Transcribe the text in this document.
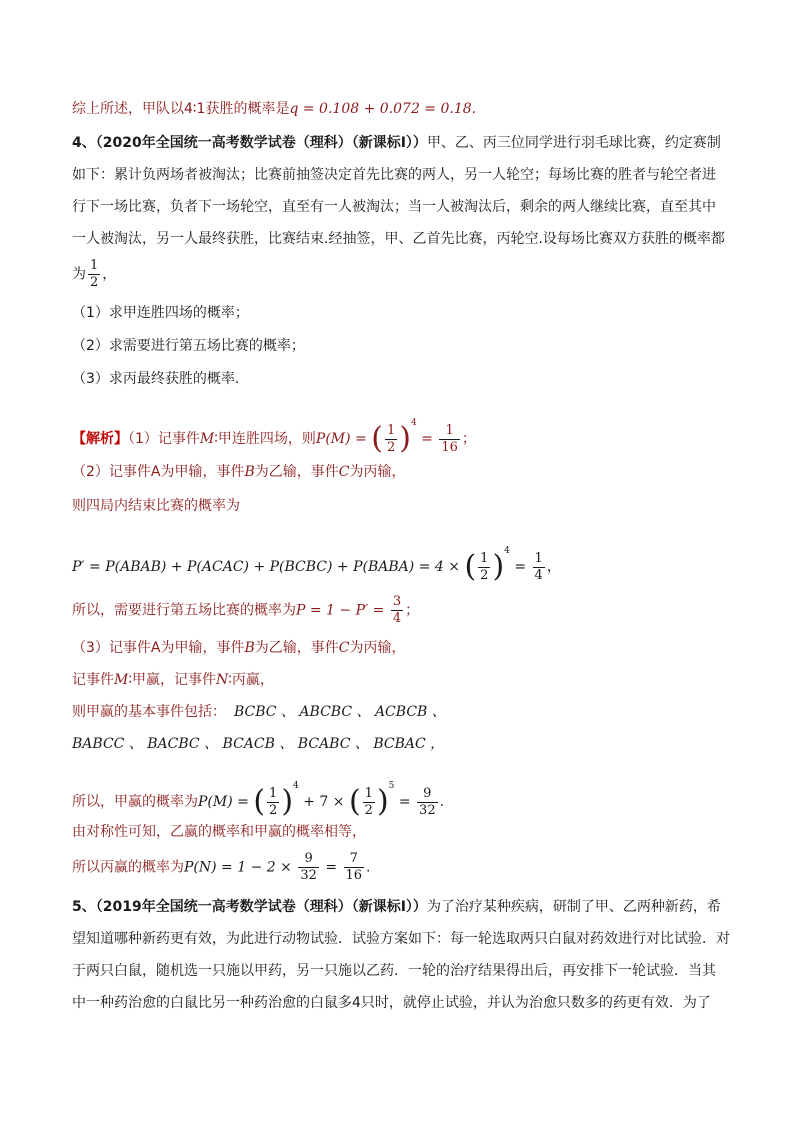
综上所述，甲队以4∶1获胜的概率是q = 0.108 + 0.072 = 0.18.
4、（2020年全国统一高考数学试卷（理科）（新课标Ⅰ））甲、乙、丙三位同学进行羽毛球比赛，约定赛制
如下：累计负两场者被淘汰；比赛前抽签决定首先比赛的两人，另一人轮空；每场比赛的胜者与轮空者进
行下一场比赛，负者下一场轮空，直至有一人被淘汰；当一人被淘汰后，剩余的两人继续比赛，直至其中
一人被淘汰，另一人最终获胜，比赛结束.经抽签，甲、乙首先比赛，丙轮空.设每场比赛双方获胜的概率都
为 $\frac{1}{2}$ ，
（1）求甲连胜四场的概率；
（2）求需要进行第五场比赛的概率；
（3）求丙最终获胜的概率.
【解析】（1）记事件M∶甲连胜四场，则P(M) = ( $\frac{1}{2} )^4 = \frac{1}{16}$ ；
（2）记事件A为甲输，事件B为乙输，事件C为丙输，
则四局内结束比赛的概率为
P′ = P(ABAB) + P(ACAC) + P(BCBC) + P(BABA) = 4 × ( $\frac{1}{2} )^4 = \frac{1}{4}$ ，
所以，需要进行第五场比赛的概率为$P = 1 - P' = \frac{3}{4}$ ；
（3）记事件A为甲输，事件B为乙输，事件C为丙输，
记事件M∶甲赢，记事件N∶丙赢，
则甲赢的基本事件包括： BCBC 、 ABCBC 、 ACBCB 、
BABCC 、 BACBC 、 BCACB 、 BCABC 、 BCBAC ，
所以，甲赢的概率为P(M) = ( $\frac{1}{2} )^4 + 7$ × ( $\frac{1}{2} )^5 = \frac{9}{32}$ .
由对称性可知，乙赢的概率和甲赢的概率相等，
所以丙赢的概率为$P(N) = 1 - 2 \times \frac{9}{32} = \frac{7}{16}$ .
5、（2019年全国统一高考数学试卷（理科）（新课标Ⅰ））为了治疗某种疾病，研制了甲、乙两种新药，希
望知道哪种新药更有效，为此进行动物试验．试验方案如下：每一轮选取两只白鼠对药效进行对比试验．对
于两只白鼠，随机选一只施以甲药，另一只施以乙药．一轮的治疗结果得出后，再安排下一轮试验．当其
中一种药治愈的白鼠比另一种药治愈的白鼠多4只时，就停止试验，并认为治愈只数多的药更有效．为了
